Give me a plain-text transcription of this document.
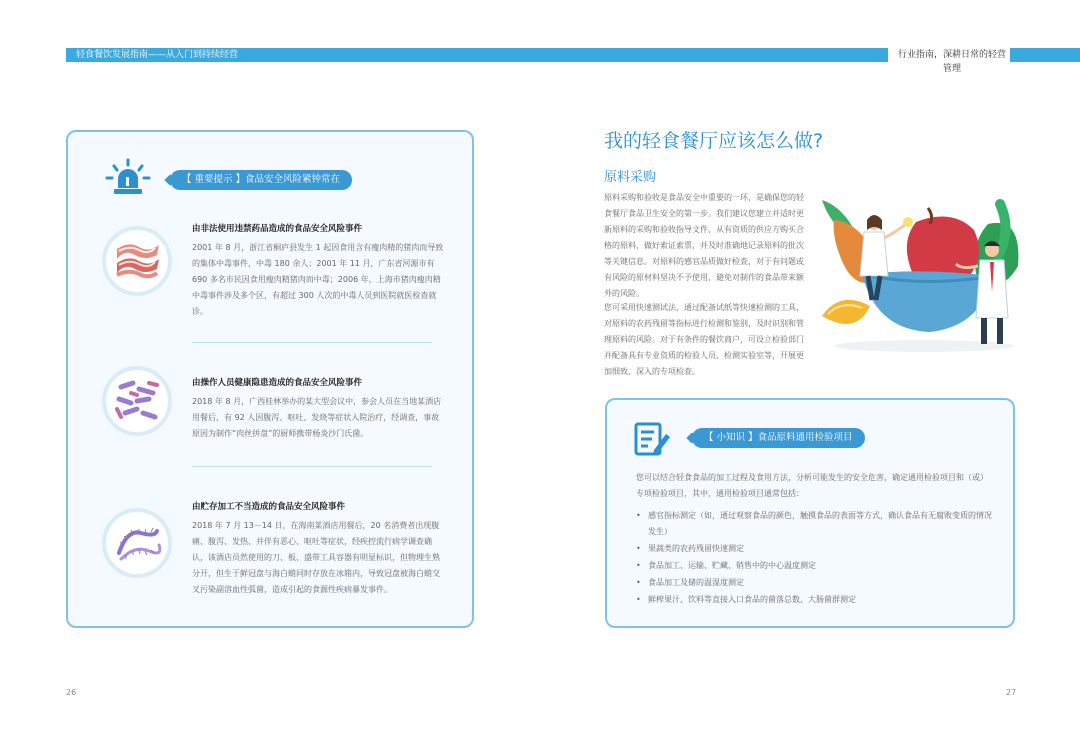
轻食餐饮发展指南——从入门到持续经营	行业指南，深耕日常的轻营管理
【 重要提示 】食品安全风险紧钟常在
由非法使用违禁药品造成的食品安全风险事件
2001 年 8 月，浙江省桐庐县发生 1 起因食用含有瘦肉精的猪肉而导致的集体中毒事件，中毒 180 余人；2001 年 11 月，广东省河源市有 690 多名市民因食用瘦肉精猪肉而中毒；2006 年，上海市猪肉瘦肉精中毒事件涉及多个区，有超过 300 人次的中毒人员到医院就医检查就诊。
由操作人员健康隐患造成的食品安全风险事件
2018 年 8 月，广西桂林举办的某大型会议中，参会人员在当地某酒店用餐后，有 92 人因腹泻、呕吐、发烧等症状入院治疗，经调查，事故原因为制作“肉丝拼盘”的厨师携带杨炎沙门氏菌。
由贮存加工不当造成的食品安全风险事件
2018 年 7 月 13－14 日，在海南某酒店用餐后，20 名消费者出现腹痛、腹泻、发热、并伴有恶心、呕吐等症状，经疾控流行病学调查确认，该酒店员然使用的刀、板、盛带工具容器有明显标识，但物理生熟分开，但生于鲜冠盘与海白蛸同时存放在冰箱内，导致冠盘被海白蛸交叉污染副溶血性弧菌，造成引起的食源性疾病暴发事件。
我的轻食餐厅应该怎么做?
原料采购
原料采购和验收是食品安全中重要的一环，是确保您的轻食餐厅食品卫生安全的第一步。我们建议您建立并适时更新原料的采购和验收指导文件，从有资质的供应方购买合格的原料，做好索证索票，并及时准确地记录原料的批次等关键信息。对原料的感官品质做好检查，对于有问题或有风险的原材料坚决不予使用，避免对制作的食品带来额外的风险。
您可采用快速测试法，通过配备试纸等快速检测的工具，对原料的农药残留等指标进行检测和鉴别，及时识别和管理原料的风险。对于有条件的餐饮商户，可设立检验部门并配备具有专业资质的检验人员、检测实验室等，开展更加细致、深入的专项检查。
【 小知识 】食品原料通用检验项目
您可以结合轻食食品的加工过程及食用方法，分析可能发生的安全危害，确定通用检验项目和（或）专项检验项目，其中，通用检验项目通常包括：
• 感官指标测定（如，通过观察食品的颜色，触摸食品的表面等方式，确认食品有无腐败变质的情况发生）
• 果蔬类的农药残留快速测定
• 食品加工、运输、贮藏、销售中的中心温度测定
• 食品加工及储的温湿度测定
• 鲜榨果汁、饮料等直接入口食品的菌落总数、大肠菌群测定
26	27
